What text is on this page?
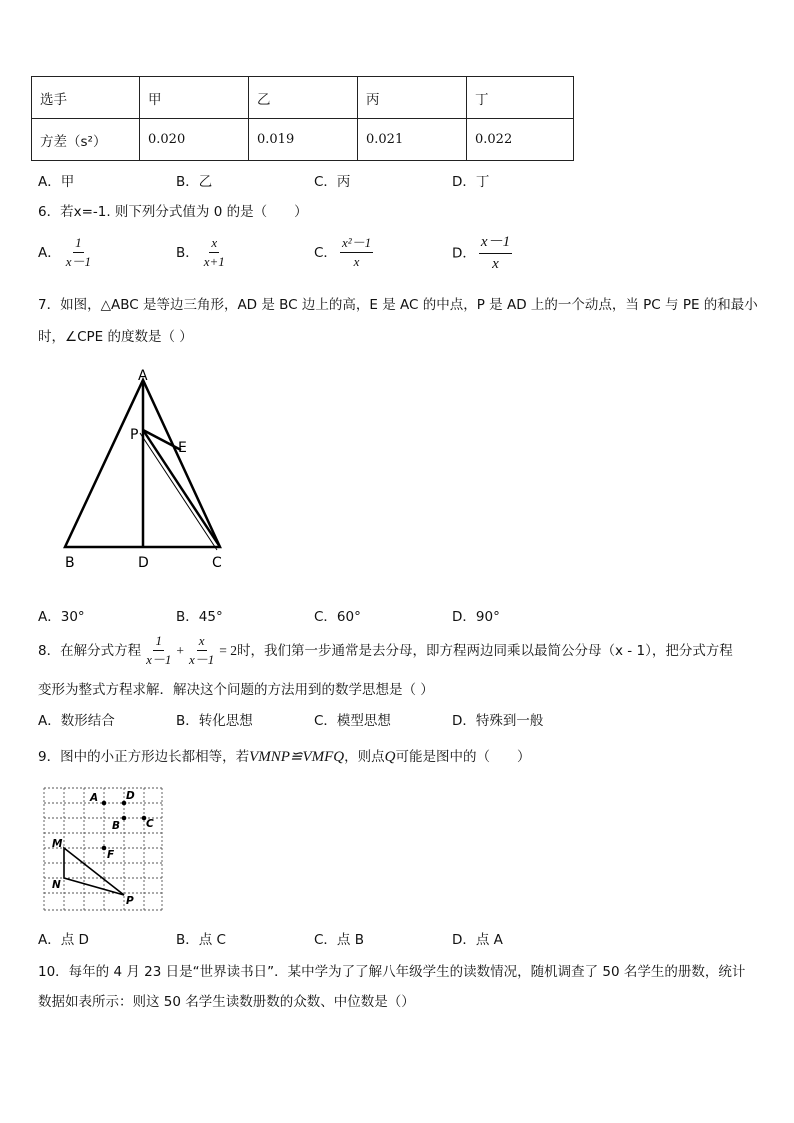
选手	甲	乙	丙	丁
方差（s²）	0.020	0.019	0.021	0.022
A．甲	B．乙	C．丙	D．丁
6．若x=-1. 则下列分式值为 0 的是（　　）
A． $\frac{1}{x-1}$	B． $\frac{x}{x+1}$	C． $\frac{\text{x²－1}}{x}$	D． $\frac{x-1}{x}$
7．如图，△ABC 是等边三角形，AD 是 BC 边上的高，E 是 AC 的中点，P 是 AD 上的一个动点，当 PC 与 PE 的和最小
时，∠CPE 的度数是（ ）
A
P
E
B	D	C
A．30°	B．45°	C．60°	D．90°
8．在解分式方程 $\frac{1}{x-1} + \frac{x}{x-1} = 2$时，我们第一步通常是去分母，即方程两边同乘以最简公分母（x - 1），把分式方程
变形为整式方程求解．解决这个问题的方法用到的数学思想是（ ）
A．数形结合	B．转化思想	C．模型思想	D．特殊到一般
9．图中的小正方形边长都相等，若VMNP≌VMFQ，则点Q可能是图中的（　　）
A	D
B C
M
F
N
P
A．点 D	B．点 C	C．点 B	D．点 A
10．每年的 4 月 23 日是“世界读书日”．某中学为了了解八年级学生的读数情况，随机调查了 50 名学生的册数，统计
数据如表所示：则这 50 名学生读数册数的众数、中位数是（）
